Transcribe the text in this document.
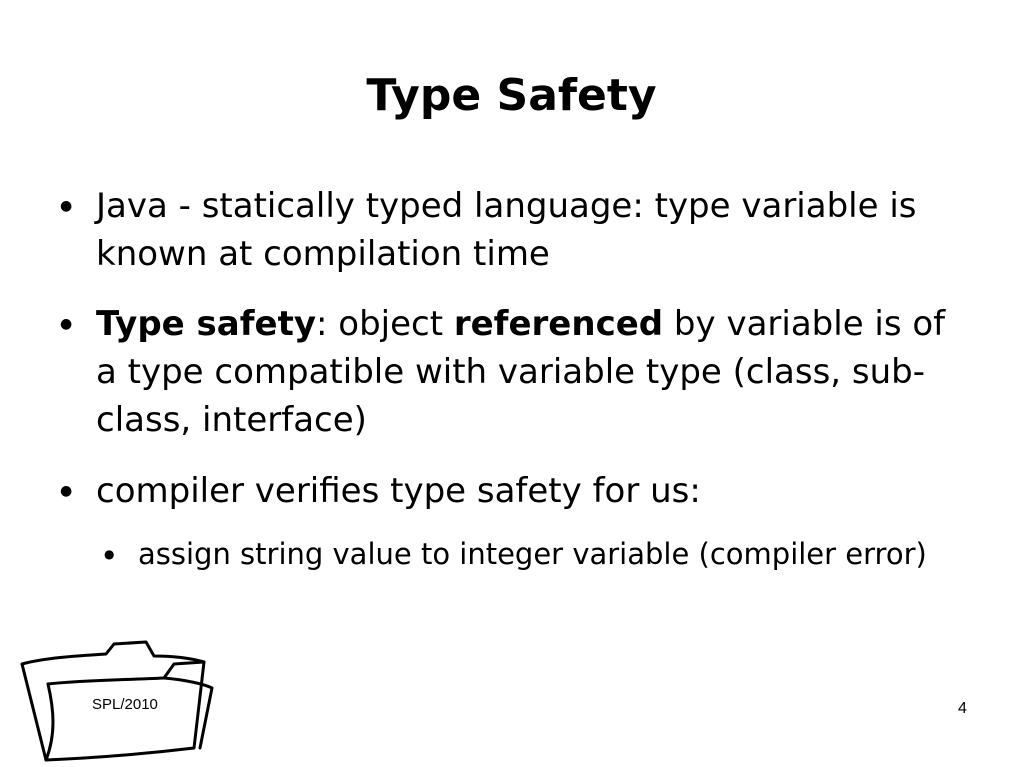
Type Safety
● Java - statically typed language: type variable is known at compilation time
● Type safety: object referenced by variable is of a type compatible with variable type (class, sub-class, interface)
● compiler verifies type safety for us:
● assign string value to integer variable (compiler error)
SPL/2010	4
